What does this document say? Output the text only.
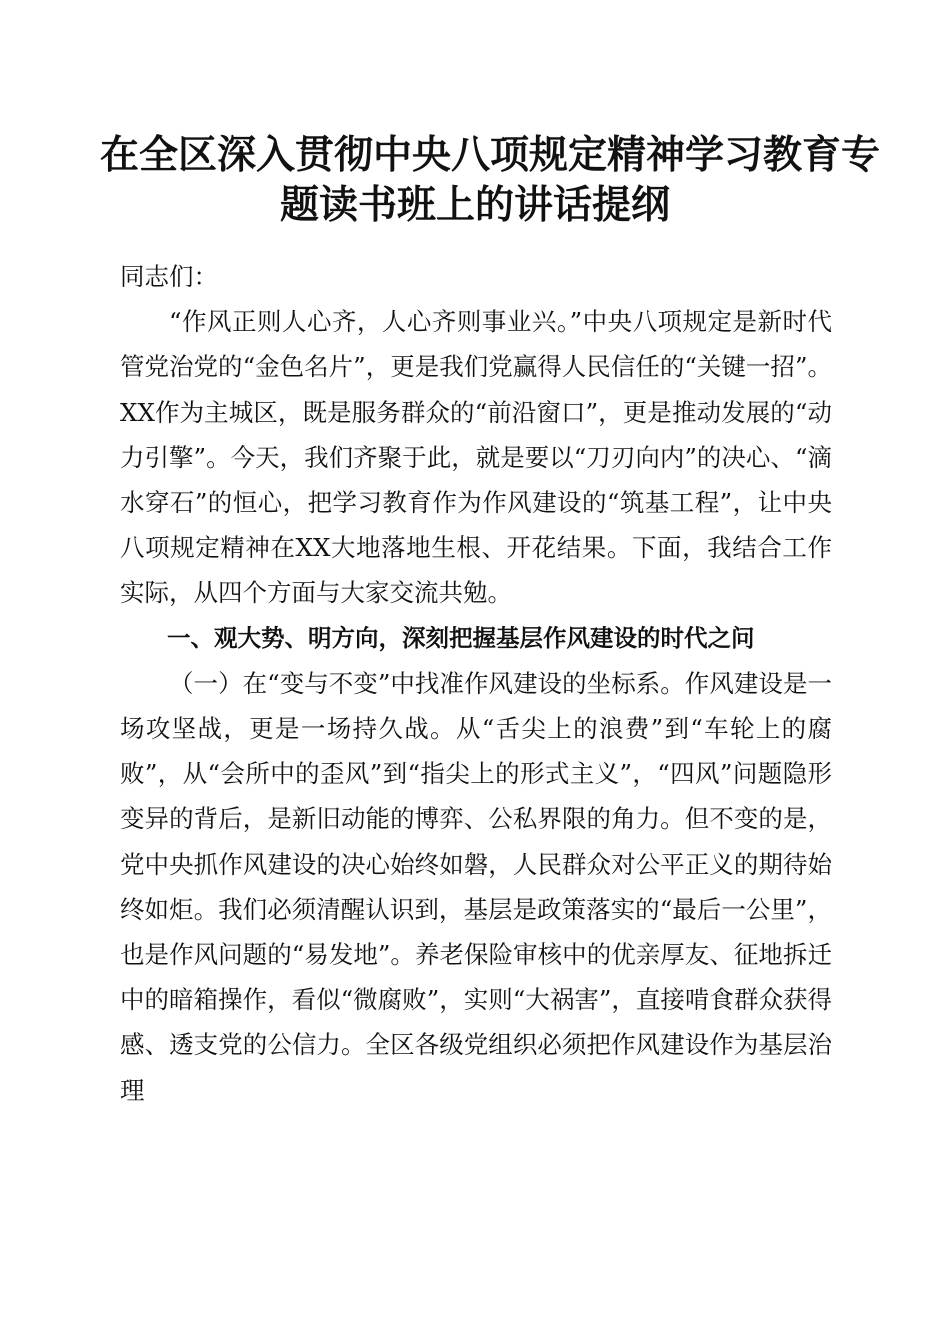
在全区深入贯彻中央八项规定精神学习教育专
题读书班上的讲话提纲

同志们：

“作风正则人心齐，人心齐则事业兴。”中央八项规定是新时代管党治党的“金色名片”，更是我们党赢得人民信任的“关键一招”。XX作为主城区，既是服务群众的“前沿窗口”，更是推动发展的“动力引擎”。今天，我们齐聚于此，就是要以“刀刃向内”的决心、“滴水穿石”的恒心，把学习教育作为作风建设的“筑基工程”，让中央八项规定精神在XX大地落地生根、开花结果。下面，我结合工作实际，从四个方面与大家交流共勉。

一、观大势、明方向，深刻把握基层作风建设的时代之问

（一）在“变与不变”中找准作风建设的坐标系。作风建设是一场攻坚战，更是一场持久战。从“舌尖上的浪费”到“车轮上的腐败”，从“会所中的歪风”到“指尖上的形式主义”，“四风”问题隐形变异的背后，是新旧动能的博弈、公私界限的角力。但不变的是，党中央抓作风建设的决心始终如磐，人民群众对公平正义的期待始终如炬。我们必须清醒认识到，基层是政策落实的“最后一公里”，也是作风问题的“易发地”。养老保险审核中的优亲厚友、征地拆迁中的暗箱操作，看似“微腐败”，实则“大祸害”，直接啃食群众获得感、透支党的公信力。全区各级党组织必须把作风建设作为基层治理
